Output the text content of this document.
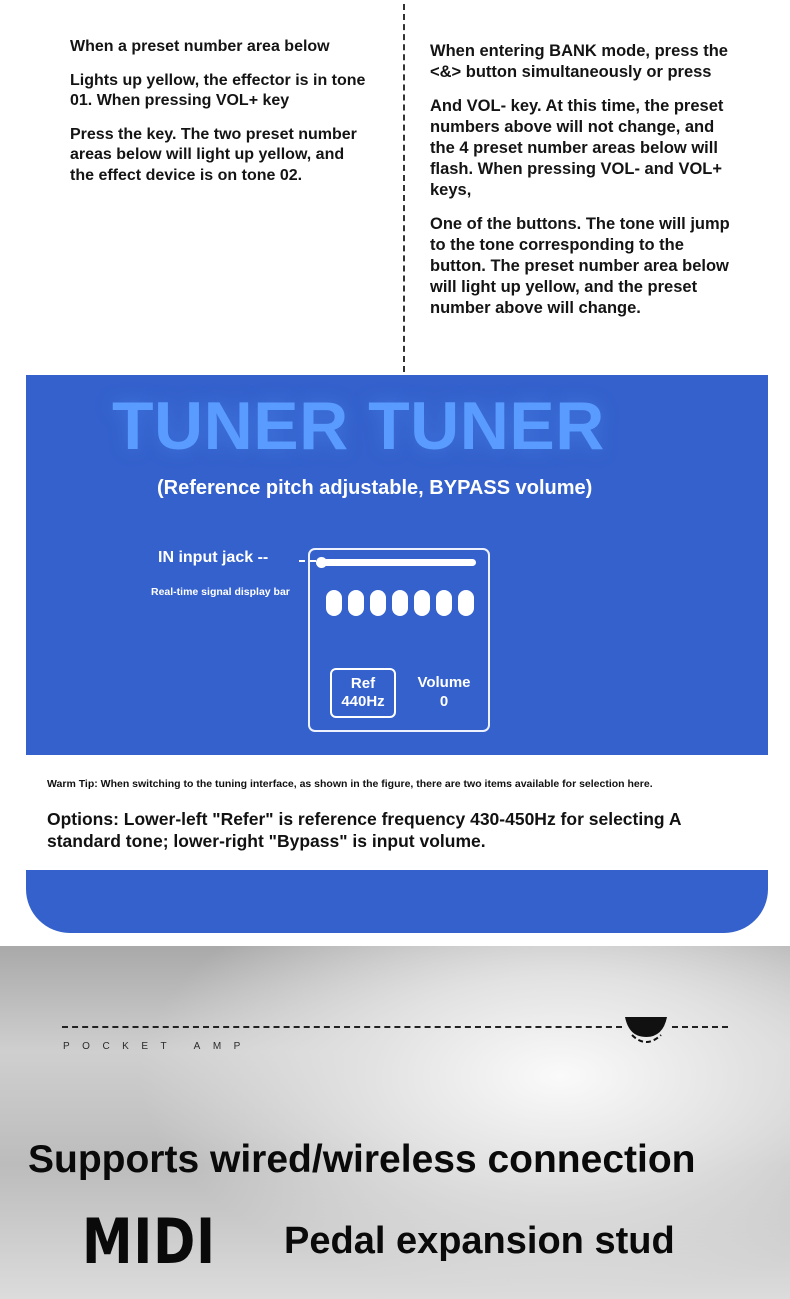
When a preset number area below

Lights up yellow, the effector is in tone 01. When pressing VOL+ key

Press the key. The two preset number areas below will light up yellow, and the effect device is on tone 02.

When entering BANK mode, press the <&> button simultaneously or press

And VOL- key. At this time, the preset numbers above will not change, and the 4 preset number areas below will flash. When pressing VOL- and VOL+ keys,

One of the buttons. The tone will jump to the tone corresponding to the button. The preset number area below will light up yellow, and the preset number above will change.

TUNER TUNER
(Reference pitch adjustable, BYPASS volume)
IN input jack --
Real-time signal display bar
Ref
440Hz
Volume
0
Warm Tip: When switching to the tuning interface, as shown in the figure, there are two items available for selection here.
Options: Lower-left "Refer" is reference frequency 430-450Hz for selecting A standard tone; lower-right "Bypass" is input volume.
POCKET AMP
Supports wired/wireless connection
MIDI Pedal expansion stud
